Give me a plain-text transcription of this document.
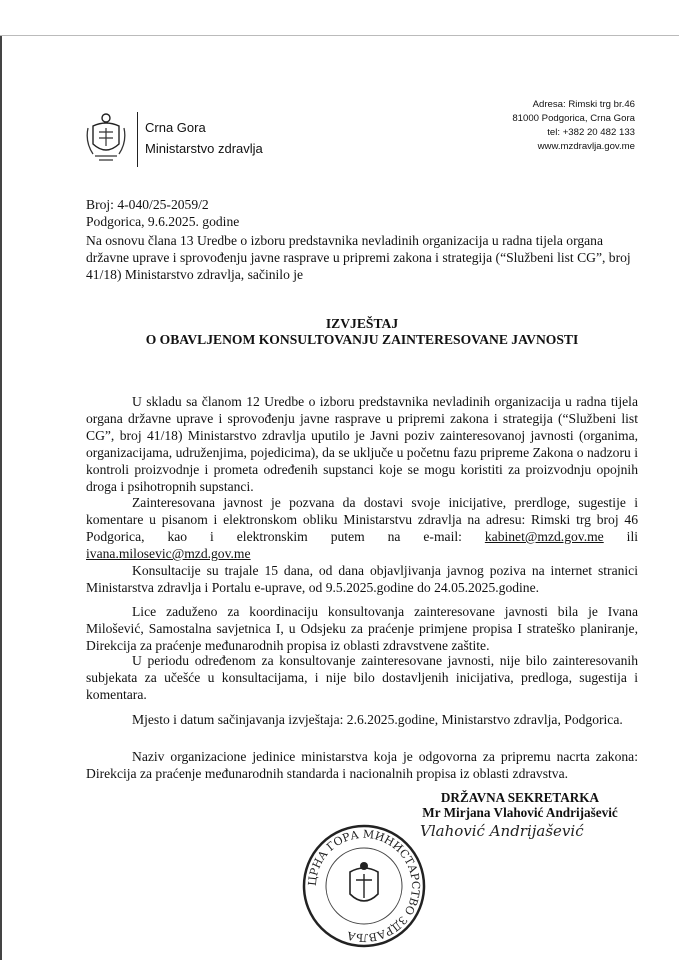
Crna Gora
Ministarstvo zdravlja
Adresa: Rimski trg br.46
81000 Podgorica, Crna Gora
tel: +382 20 482 133
www.mzdravlja.gov.me
Broj: 4-040/25-2059/2
Podgorica, 9.6.2025. godine
Na osnovu člana 13 Uredbe o izboru predstavnika nevladinih organizacija u radna tijela organa državne uprave i sprovođenju javne rasprave u pripremi zakona i strategija (“Službeni list CG”, broj 41/18) Ministarstvo zdravlja, sačinilo je
IZVJEŠTAJ
O OBAVLJENOM KONSULTOVANJU ZAINTERESOVANE JAVNOSTI
U skladu sa članom 12 Uredbe o izboru predstavnika nevladinih organizacija u radna tijela organa državne uprave i sprovođenju javne rasprave u pripremi zakona i strategija (“Službeni list CG”, broj 41/18) Ministarstvo zdravlja uputilo je Javni poziv zainteresovanoj javnosti (organima, organizacijama, udruženjima, pojedicima), da se uključe u početnu fazu pripreme Zakona o nadzoru i kontroli proizvodnje i prometa određenih supstanci koje se mogu koristiti za proizvodnju opojnih droga i psihotropnih supstanci.
Zainteresovana javnost je pozvana da dostavi svoje inicijative, prerdloge, sugestije i komentare u pisanom i elektronskom obliku Ministarstvu zdravlja na adresu: Rimski trg broj 46 Podgorica, kao i elektronskim putem na e-mail: kabinet@mzd.gov.me ili ivana.milosevic@mzd.gov.me
Konsultacije su trajale 15 dana, od dana objavljivanja javnog poziva na internet stranici Ministarstva zdravlja i Portalu e-uprave, od 9.5.2025.godine do 24.05.2025.godine.
Lice zaduženo za koordinaciju konsultovanja zainteresovane javnosti bila je Ivana Milošević, Samostalna savjetnica I, u Odsjeku za praćenje primjene propisa I strateško planiranje, Direkcija za praćenje međunarodnih propisa iz oblasti zdravstvene zaštite.
U periodu određenom za konsultovanje zainteresovane javnosti, nije bilo zainteresovanih subjekata za učešće u konsultacijama, i nije bilo dostavljenih inicijativa, predloga, sugestija i komentara.
Mjesto i datum sačinjavanja izvještaja: 2.6.2025.godine, Ministarstvo zdravlja, Podgorica.
Naziv organizacione jedinice ministarstva koja je odgovorna za pripremu nacrta zakona: Direkcija za praćenje međunarodnih standarda i nacionalnih propisa iz oblasti zdravstva.
DRŽAVNA SEKRETARKA
Mr Mirjana Vlahović Andrijašević
Vlahović Andrijašević
ЦРНА ГОРА МИНИСТАРСТВО ЗДРАВЉА
